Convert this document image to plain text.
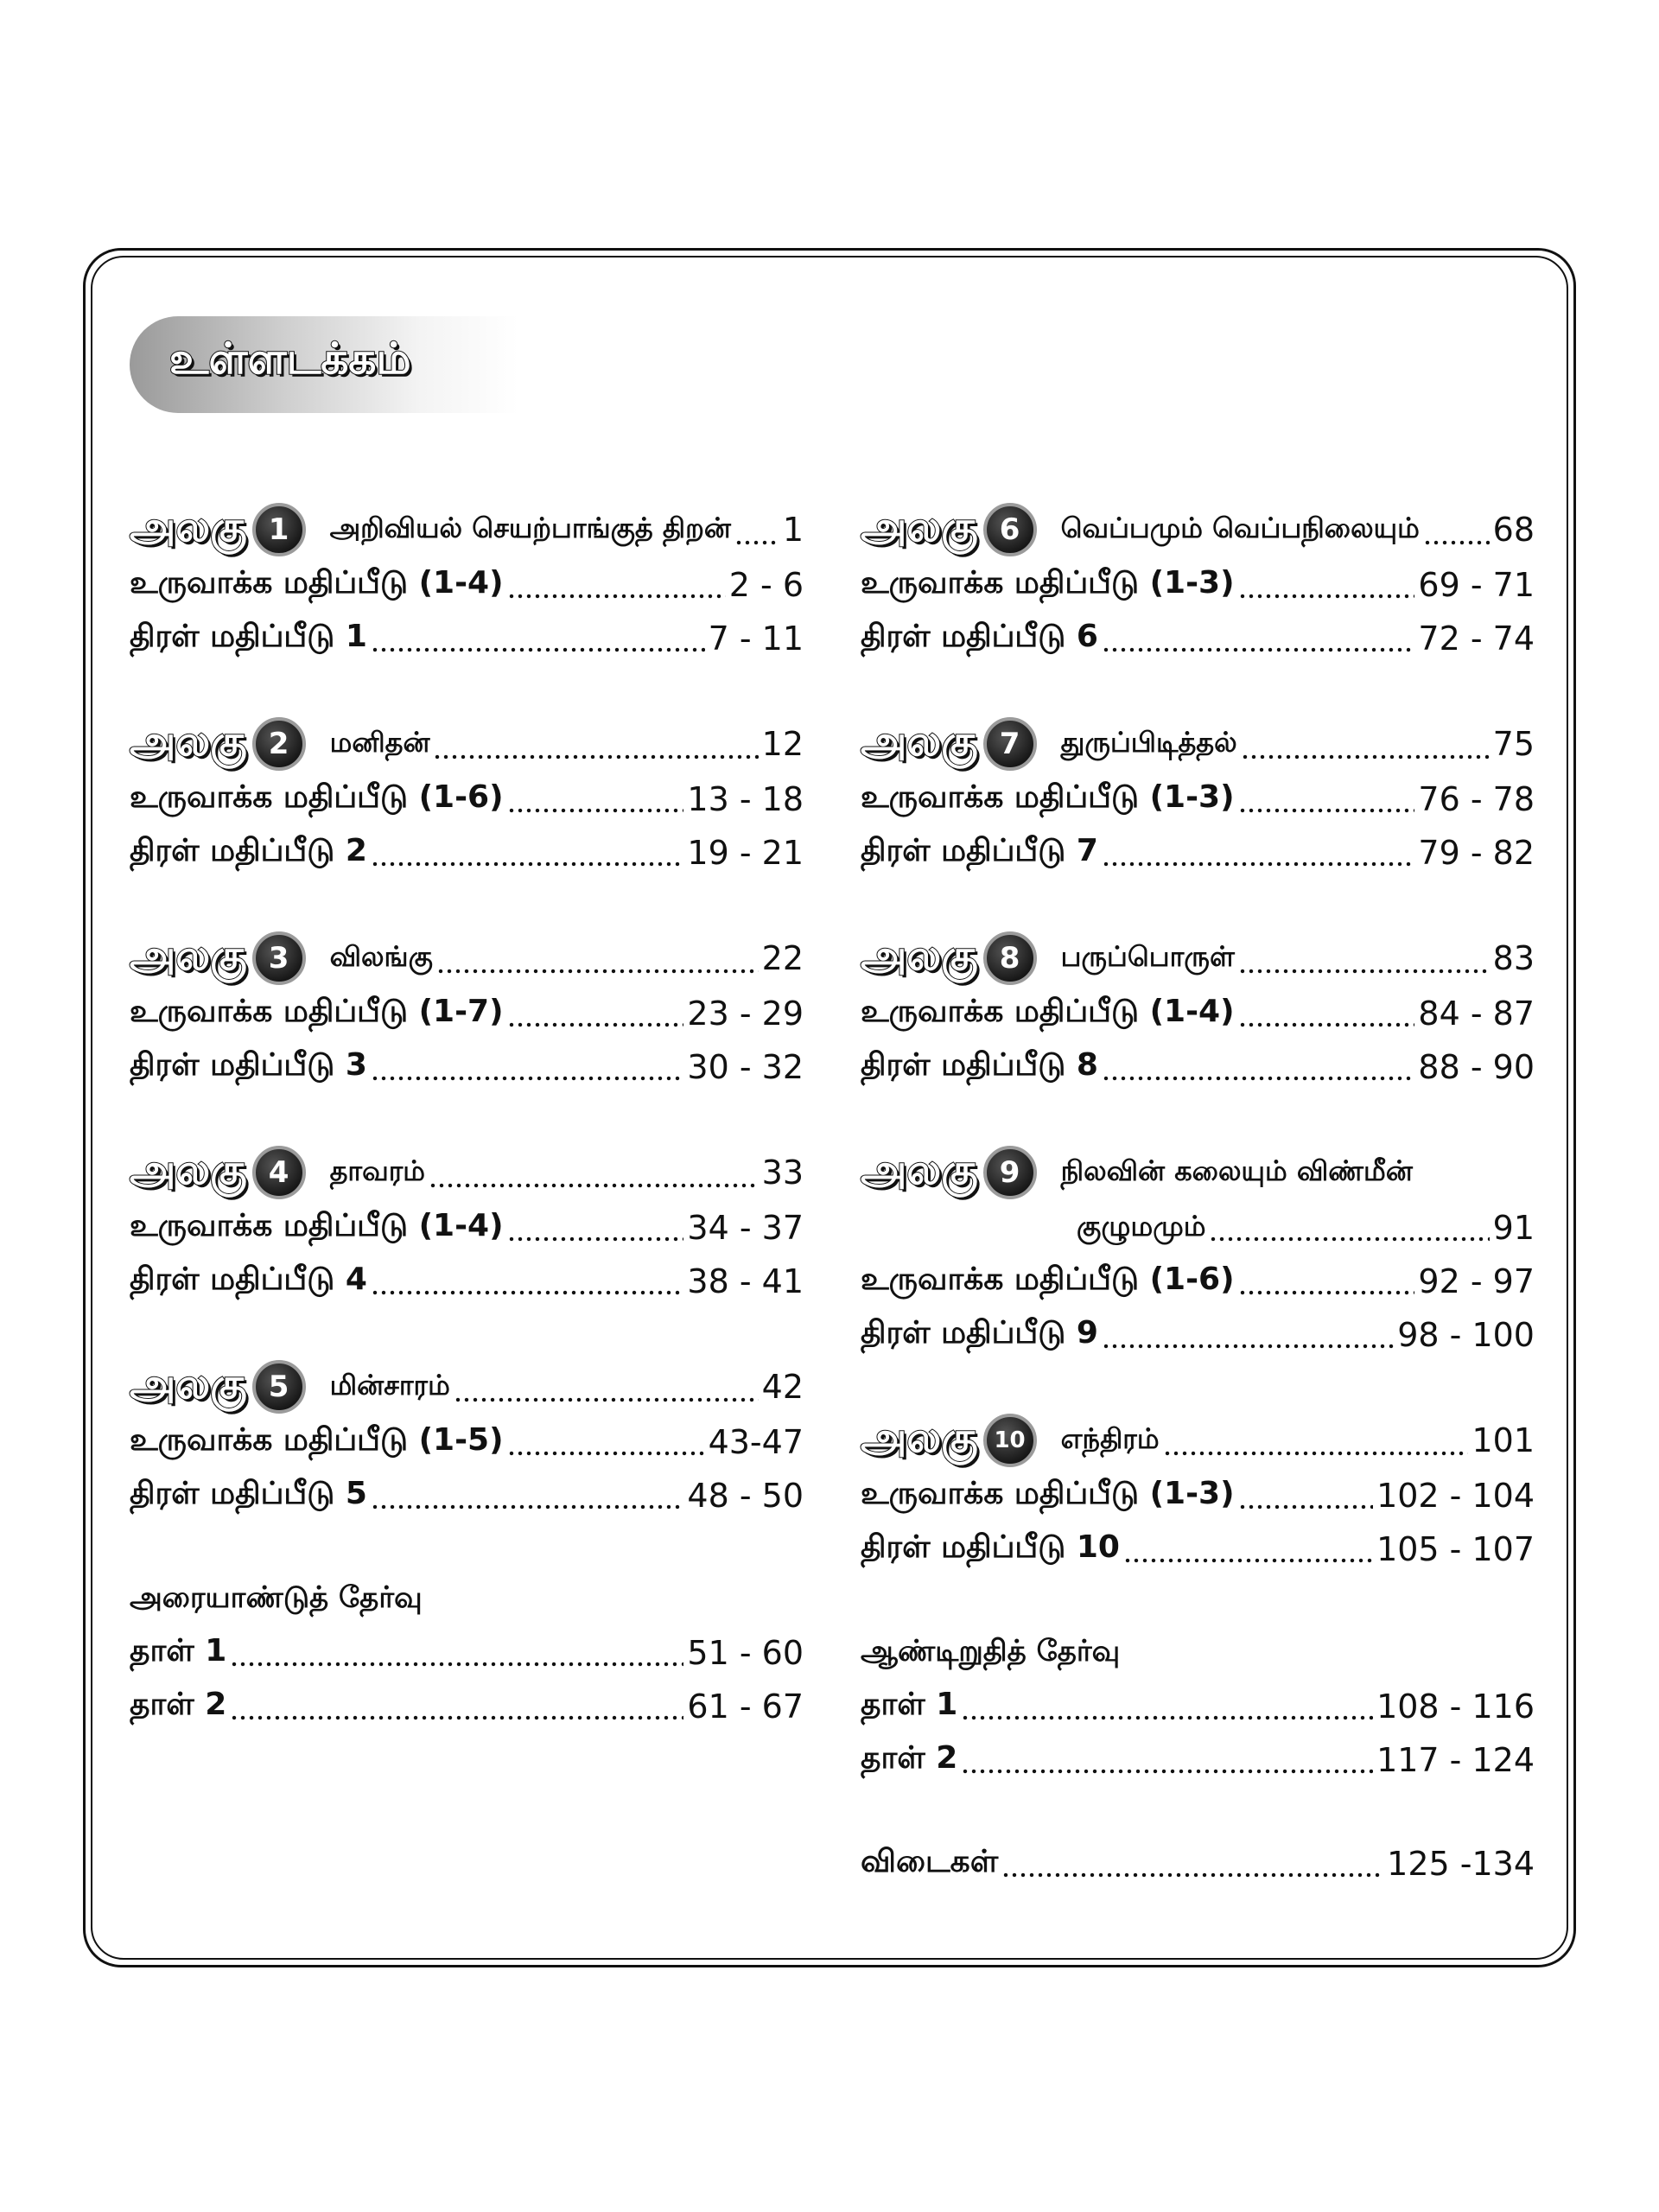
உள்ளடக்கம்
அலகு 1	அறிவியல் செயற்பாங்குத் திறன் 1
உருவாக்க மதிப்பீடு (1-4)	2 - 6
திரள் மதிப்பீடு 1	7 - 11
அலகு 2	மனிதன்	12
உருவாக்க மதிப்பீடு (1-6)	13 - 18
திரள் மதிப்பீடு 2	19 - 21
அலகு 3	விலங்கு	22
உருவாக்க மதிப்பீடு (1-7)	23 - 29
திரள் மதிப்பீடு 3	30 - 32
அலகு 4	தாவரம்	33
உருவாக்க மதிப்பீடு (1-4)	34 - 37
திரள் மதிப்பீடு 4	38 - 41
அலகு 5	மின்சாரம்	42
உருவாக்க மதிப்பீடு (1-5)	43-47
திரள் மதிப்பீடு 5	48 - 50
அரையாண்டுத் தேர்வு
தாள் 1	51 - 60
தாள் 2	61 - 67
அலகு 6	வெப்பமும் வெப்பநிலையும் 68
உருவாக்க மதிப்பீடு (1-3)	69 - 71
திரள் மதிப்பீடு 6	72 - 74
அலகு 7	துருப்பிடித்தல்	75
உருவாக்க மதிப்பீடு (1-3)	76 - 78
திரள் மதிப்பீடு 7	79 - 82
அலகு 8	பருப்பொருள்	83
உருவாக்க மதிப்பீடு (1-4)	84 - 87
திரள் மதிப்பீடு 8	88 - 90
அலகு 9	நிலவின் கலையும் விண்மீன்
குழுமமும்	91
உருவாக்க மதிப்பீடு (1-6)	92 - 97
திரள் மதிப்பீடு 9	98 - 100
அலகு 10	எந்திரம்	101
உருவாக்க மதிப்பீடு (1-3)	102 - 104
திரள் மதிப்பீடு 10	105 - 107
ஆண்டிறுதித் தேர்வு
தாள் 1	108 - 116
தாள் 2	117 - 124
விடைகள்	125 -134
